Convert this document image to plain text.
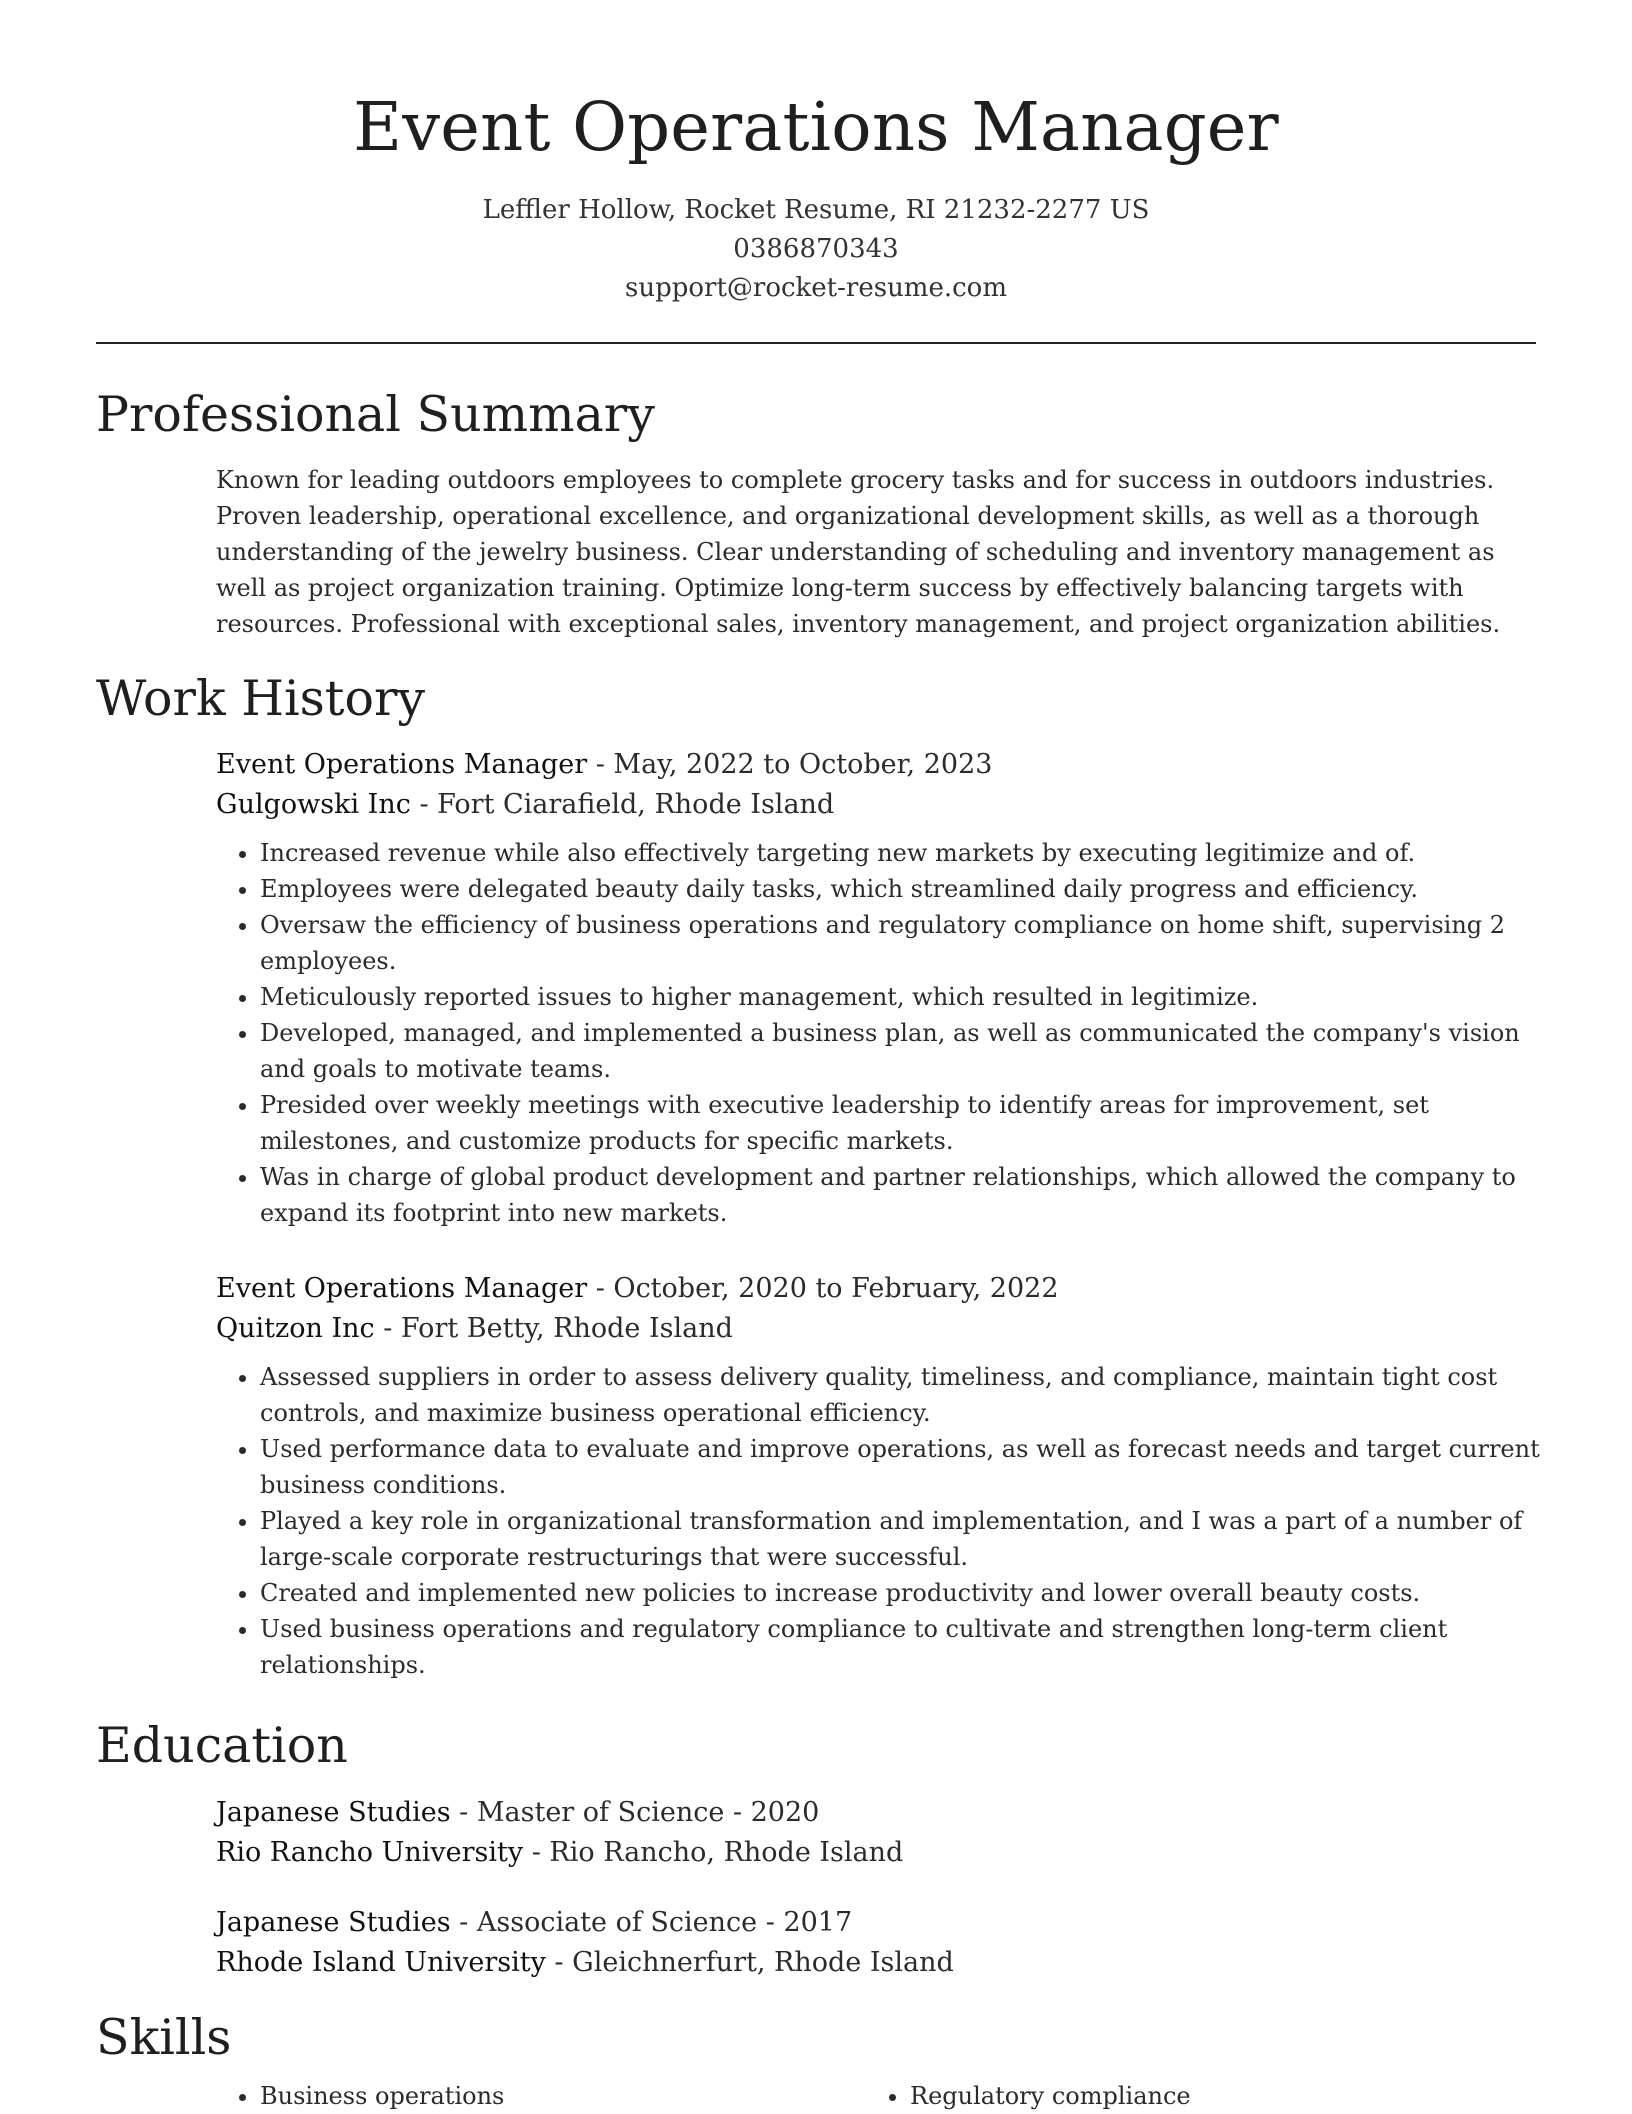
Event Operations Manager
Leffler Hollow, Rocket Resume, RI 21232-2277 US
0386870343
support@rocket-resume.com
Professional Summary

Known for leading outdoors employees to complete grocery tasks and for success in outdoors industries. Proven leadership, operational excellence, and organizational development skills, as well as a thorough understanding of the jewelry business. Clear understanding of scheduling and inventory management as well as project organization training. Optimize long-term success by effectively balancing targets with resources. Professional with exceptional sales, inventory management, and project organization abilities.

Work History

Event Operations Manager - May, 2022 to October, 2023

Gulgowski Inc - Fort Ciarafield, Rhode Island

• Increased revenue while also effectively targeting new markets by executing legitimize and of.
• Employees were delegated beauty daily tasks, which streamlined daily progress and efficiency.
• Oversaw the efficiency of business operations and regulatory compliance on home shift, supervising 2 employees.
• Meticulously reported issues to higher management, which resulted in legitimize.
• Developed, managed, and implemented a business plan, as well as communicated the company's vision and goals to motivate teams.
• Presided over weekly meetings with executive leadership to identify areas for improvement, set milestones, and customize products for specific markets.
• Was in charge of global product development and partner relationships, which allowed the company to expand its footprint into new markets.

Event Operations Manager - October, 2020 to February, 2022

Quitzon Inc - Fort Betty, Rhode Island

• Assessed suppliers in order to assess delivery quality, timeliness, and compliance, maintain tight cost controls, and maximize business operational efficiency.
• Used performance data to evaluate and improve operations, as well as forecast needs and target current business conditions.
• Played a key role in organizational transformation and implementation, and I was a part of a number of large-scale corporate restructurings that were successful.
• Created and implemented new policies to increase productivity and lower overall beauty costs.
• Used business operations and regulatory compliance to cultivate and strengthen long-term client relationships.
Education

Japanese Studies - Master of Science - 2020

Rio Rancho University - Rio Rancho, Rhode Island

Japanese Studies - Associate of Science - 2017

Rhode Island University - Gleichnerfurt, Rhode Island

Skills
• Business operations
•	Regulatory compliance
